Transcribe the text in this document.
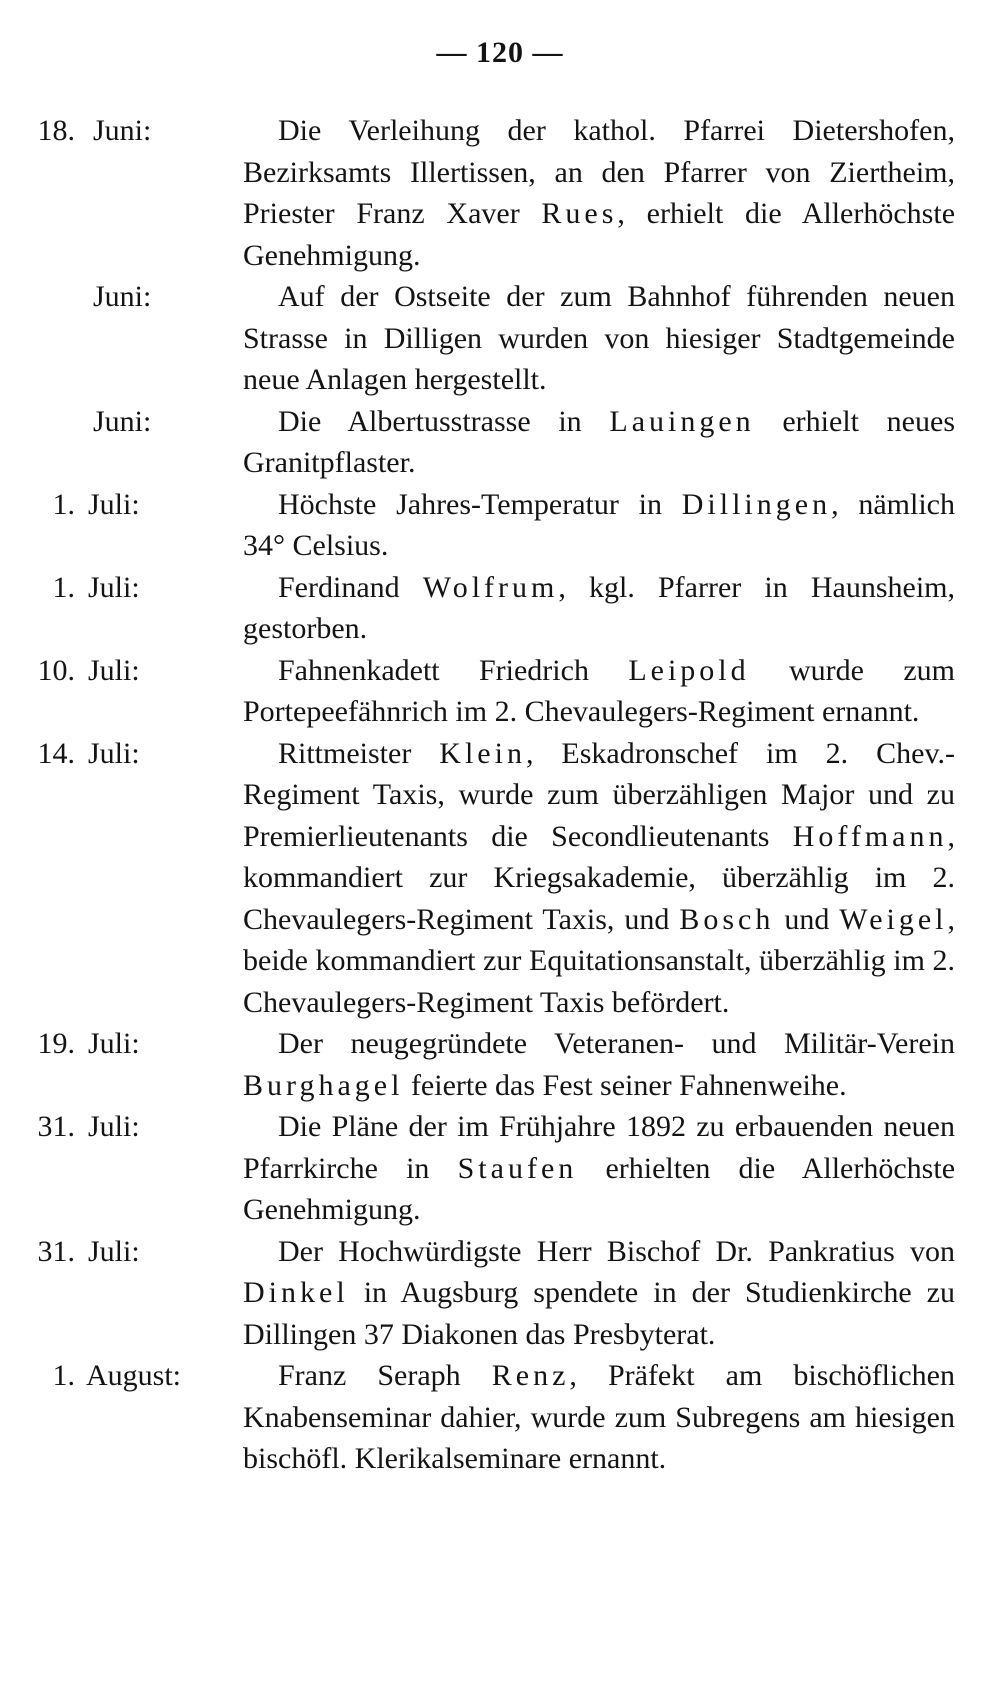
— 120 —
18. Juni:	Die Verleihung der kathol. Pfarrei Dietershofen, Bezirksamts Illertissen, an den Pfarrer von Ziertheim, Priester Franz Xaver Rues, erhielt die Allerhöchste Genehmigung.
Juni:	Auf der Ostseite der zum Bahnhof führenden neuen Strasse in Dilligen wurden von hiesiger Stadtgemeinde neue Anlagen hergestellt.
Juni:	Die Albertusstrasse in Lauingen erhielt neues Granitpflaster.
1. Juli:	Höchste Jahres-Temperatur in Dillingen, nämlich 34° Celsius.
1. Juli:	Ferdinand Wolfrum, kgl. Pfarrer in Haunsheim, gestorben.
10. Juli:	Fahnenkadett Friedrich Leipold wurde zum Portepeefähnrich im 2. Chevaulegers-Regiment ernannt.
14. Juli:	Rittmeister Klein, Eskadronschef im 2. Chev.-Regiment Taxis, wurde zum überzähligen Major und zu Premierlieutenants die Secondlieutenants Hoffmann, kommandiert zur Kriegsakademie, überzählig im 2. Chevaulegers-Regiment Taxis, und Bosch und Weigel, beide kommandiert zur Equitationsanstalt, überzählig im 2. Chevaulegers-Regiment Taxis befördert.
19. Juli:	Der neugegründete Veteranen- und Militär-Verein Burghagel feierte das Fest seiner Fahnenweihe.
31. Juli:	Die Pläne der im Frühjahre 1892 zu erbauenden neuen Pfarrkirche in Staufen erhielten die Allerhöchste Genehmigung.
31. Juli:	Der Hochwürdigste Herr Bischof Dr. Pankratius von Dinkel in Augsburg spendete in der Studienkirche zu Dillingen 37 Diakonen das Presbyterat.
1. August:	Franz Seraph Renz, Präfekt am bischöflichen Knabenseminar dahier, wurde zum Subregens am hiesigen bischöfl. Klerikalseminare ernannt.
